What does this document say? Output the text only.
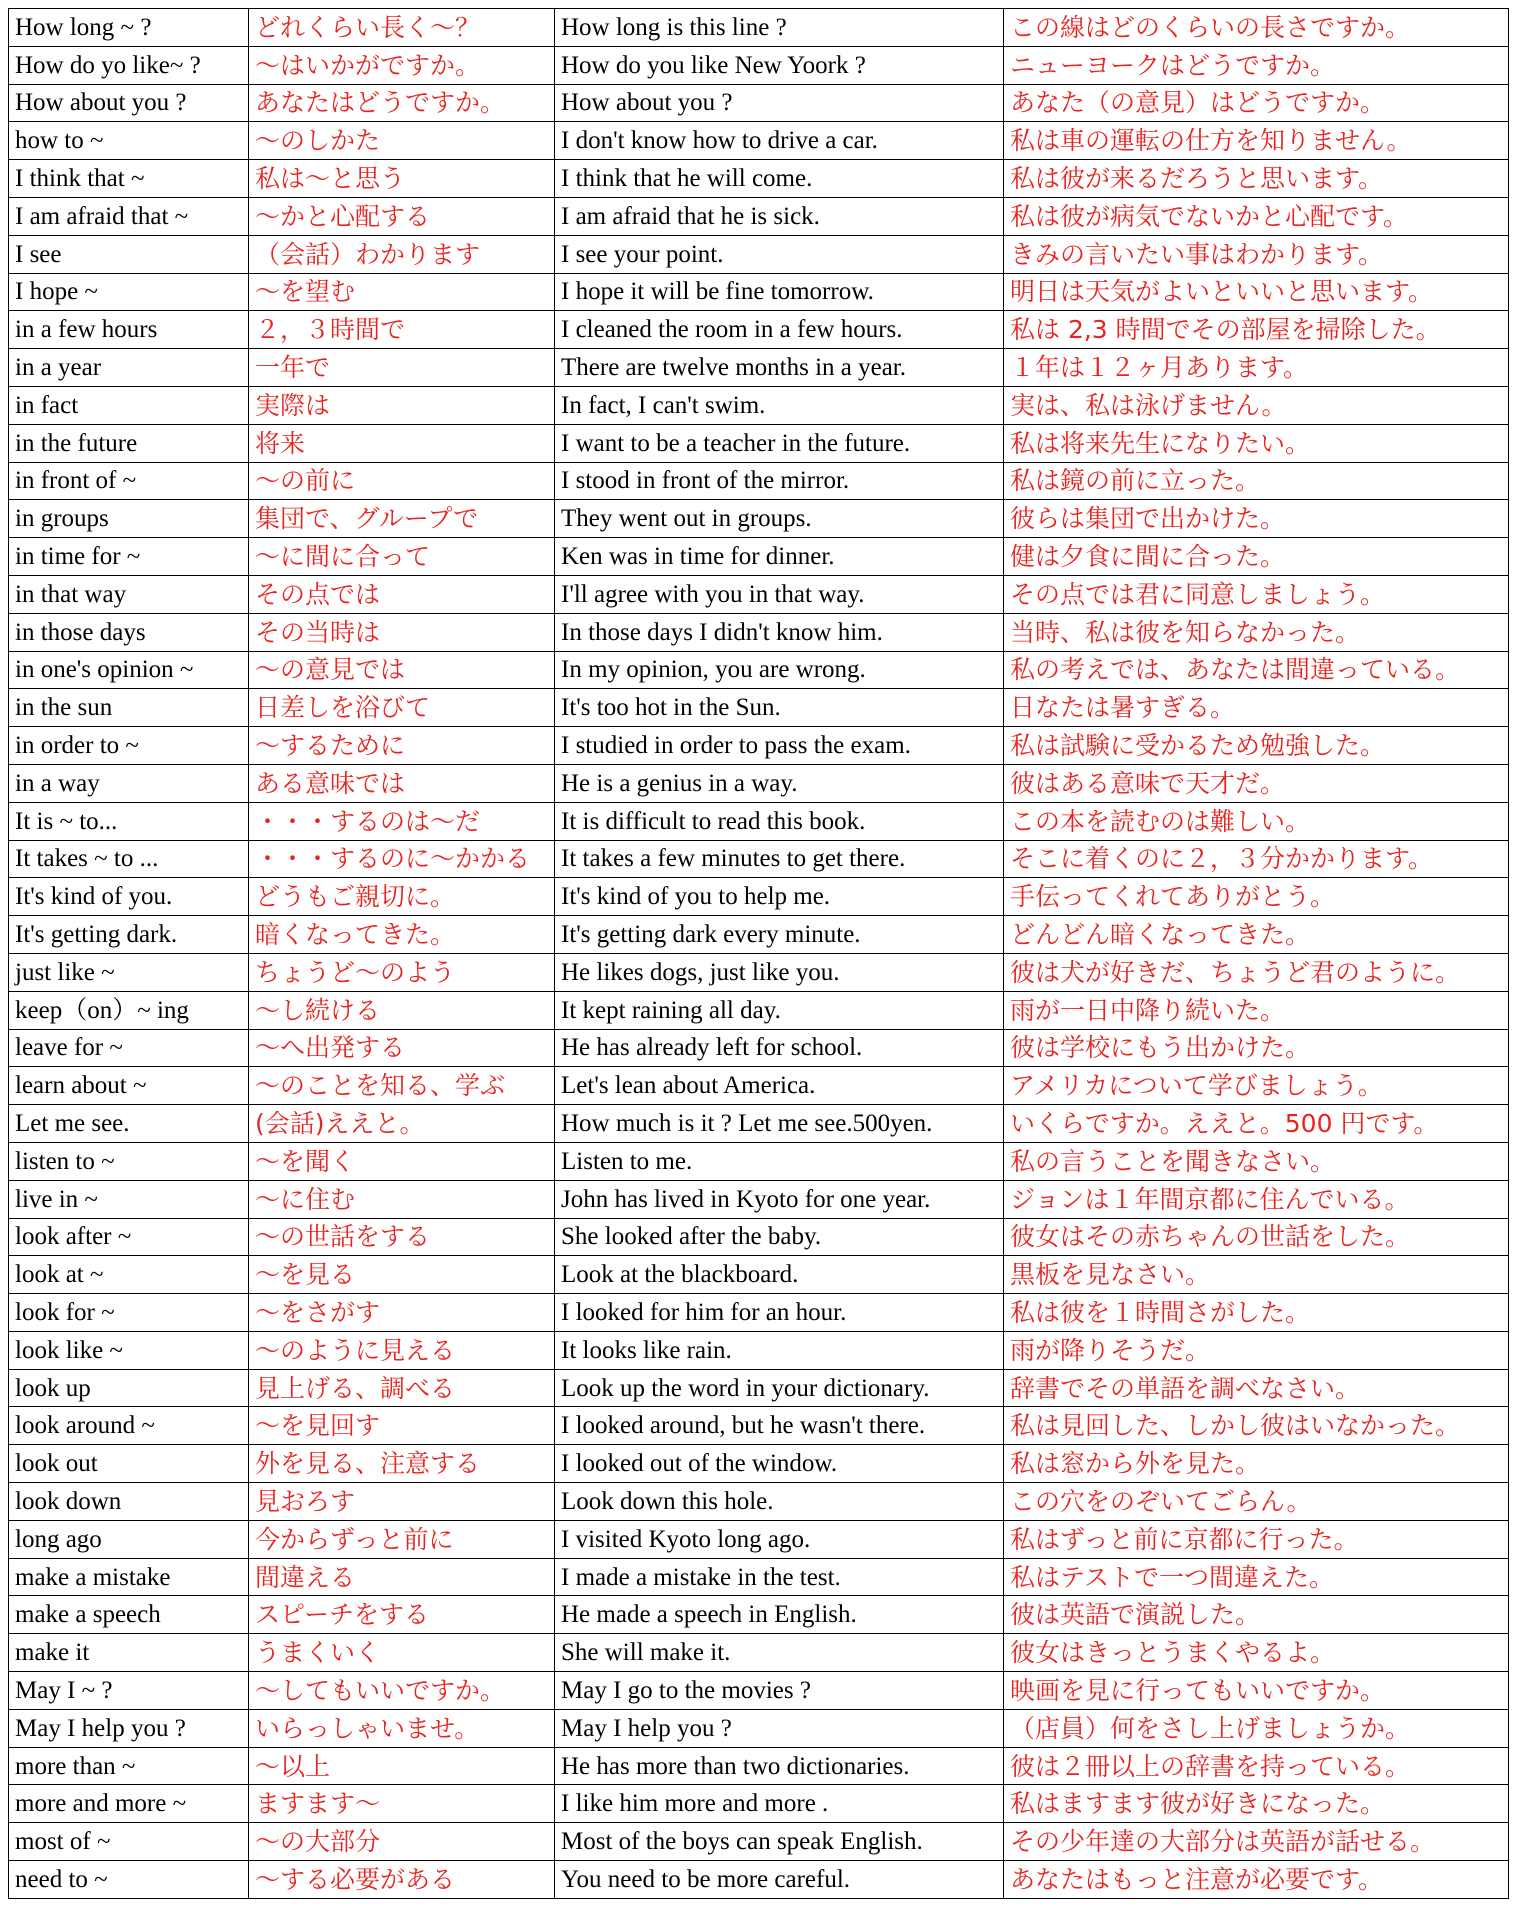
How long ~ ?	どれくらい長く～？	How long is this line ?	この線はどのくらいの長さですか。
How do yo like~ ?	～はいかがですか。	How do you like New Yoork ?	ニューヨークはどうですか。
How about you ?	あなたはどうですか。	How about you ?	あなた（の意見）はどうですか。
how to ~	～のしかた	I don't know how to drive a car.	私は車の運転の仕方を知りません。
I think that ~	私は～と思う	I think that he will come.	私は彼が来るだろうと思います。
I am afraid that ~	～かと心配する	I am afraid that he is sick.	私は彼が病気でないかと心配です。
I see	（会話）わかります	I see your point.	きみの言いたい事はわかります。
I hope ~	～を望む	I hope it will be fine tomorrow.	明日は天気がよいといいと思います。
in a few hours	２，３時間で	I cleaned the room in a few hours.	私は 2,3 時間でその部屋を掃除した。
in a year	一年で	There are twelve months in a year.	１年は１２ヶ月あります。
in fact	実際は	In fact, I can't swim.	実は、私は泳げません。
in the future	将来	I want to be a teacher in the future.	私は将来先生になりたい。
in front of ~	～の前に	I stood in front of the mirror.	私は鏡の前に立った。
in groups	集団で、グループで	They went out in groups.	彼らは集団で出かけた。
in time for ~	～に間に合って	Ken was in time for dinner.	健は夕食に間に合った。
in that way	その点では	I'll agree with you in that way.	その点では君に同意しましょう。
in those days	その当時は	In those days I didn't know him.	当時、私は彼を知らなかった。
in one's opinion ~	～の意見では	In my opinion, you are wrong.	私の考えでは、あなたは間違っている。
in the sun	日差しを浴びて	It's too hot in the Sun.	日なたは暑すぎる。
in order to ~	～するために	I studied in order to pass the exam.	私は試験に受かるため勉強した。
in a way	ある意味では	He is a genius in a way.	彼はある意味で天才だ。
It is ~ to...	・・・するのは～だ	It is difficult to read this book.	この本を読むのは難しい。
It takes ~ to ...	・・・するのに～かかる	It takes a few minutes to get there.	そこに着くのに２，３分かかります。
It's kind of you.	どうもご親切に。	It's kind of you to help me.	手伝ってくれてありがとう。
It's getting dark.	暗くなってきた。	It's getting dark every minute.	どんどん暗くなってきた。
just like ~	ちょうど～のよう	He likes dogs, just like you.	彼は犬が好きだ、ちょうど君のように。
keep（on）~ ing	～し続ける	It kept raining all day.	雨が一日中降り続いた。
leave for ~	～へ出発する	He has already left for school.	彼は学校にもう出かけた。
learn about ~	～のことを知る、学ぶ	Let's lean about America.	アメリカについて学びましょう。
Let me see.	(会話)ええと。	How much is it ? Let me see.500yen.	いくらですか。ええと。500 円です。
listen to ~	～を聞く	Listen to me.	私の言うことを聞きなさい。
live in ~	～に住む	John has lived in Kyoto for one year.	ジョンは１年間京都に住んでいる。
look after ~	～の世話をする	She looked after the baby.	彼女はその赤ちゃんの世話をした。
look at ~	～を見る	Look at the blackboard.	黒板を見なさい。
look for ~	～をさがす	I looked for him for an hour.	私は彼を１時間さがした。
look like ~	～のように見える	It looks like rain.	雨が降りそうだ。
look up	見上げる、調べる	Look up the word in your dictionary.	辞書でその単語を調べなさい。
look around ~	～を見回す	I looked around, but he wasn't there.	私は見回した、しかし彼はいなかった。
look out	外を見る、注意する	I looked out of the window.	私は窓から外を見た。
look down	見おろす	Look down this hole.	この穴をのぞいてごらん。
long ago	今からずっと前に	I visited Kyoto long ago.	私はずっと前に京都に行った。
make a mistake	間違える	I made a mistake in the test.	私はテストで一つ間違えた。
make a speech	スピーチをする	He made a speech in English.	彼は英語で演説した。
make it	うまくいく	She will make it.	彼女はきっとうまくやるよ。
May I ~ ?	～してもいいですか。	May I go to the movies ?	映画を見に行ってもいいですか。
May I help you ?	いらっしゃいませ。	May I help you ?	（店員）何をさし上げましょうか。
more than ~	～以上	He has more than two dictionaries.	彼は２冊以上の辞書を持っている。
more and more ~	ますます～	I like him more and more .	私はますます彼が好きになった。
most of ~	～の大部分	Most of the boys can speak English.	その少年達の大部分は英語が話せる。
need to ~	～する必要がある	You need to be more careful.	あなたはもっと注意が必要です。
